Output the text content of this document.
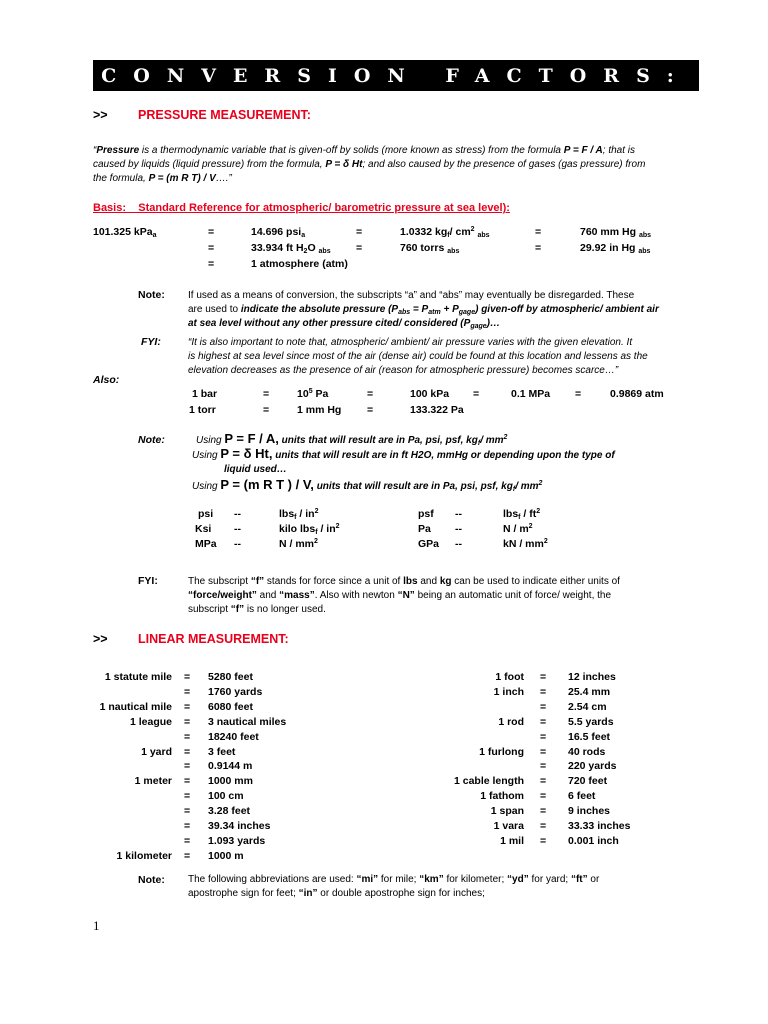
CONVERSION FACTORS:
>> PRESSURE MEASUREMENT:
“Pressure is a thermodynamic variable that is given-off by solids (more known as stress) from the formula P = F / A; that is
caused by liquids (liquid pressure) from the formula, P = δ Ht; and also caused by the presence of gases (gas pressure) from
the formula, P = (m R T) / V….”
Basis:    Standard Reference for atmospheric/ barometric pressure at sea level):
101.325 kPa$_a$	=	14.696 psi$_a$	=	1.0332 $kg_f/$ $cm^2$ $_{abs}$	=	760 mm Hg $_{abs}$
=	33.934 ft $H_2O$ $_{abs}$ =	760 torrs $_{abs}$	=	29.92 in Hg $_{abs}$
=	1 atmosphere (atm)
Note: If used as a means of conversion, the subscripts “a” and “abs” may eventually be disregarded. These
are used to indicate the absolute pressure $(P_{abs} = P_{atm} + P_{gage})$ given-off by atmospheric/ ambient air
at sea level without any other pressure cited/ considered $(P_{gage})\dots$
FYI:	“It is also important to note that, atmospheric/ ambient/ air pressure varies with the given elevation. It
is highest at sea level since most of the air (dense air) could be found at this location and lessens as the
elevation decreases as the presence of air (reason for atmospheric pressure) becomes scarce…”
Also:
1 bar	=	$10^5$ Pa	=	100 kPa =	0.1 MPa =	0.9869 atm
1 torr	=	1 mm Hg =	133.322 Pa
Note:	Using P = F / A, units that will result are in Pa, psi, psf, $kg_f/$ $mm^2$
Using P = δ Ht, units that will result are in ft H2O, mmHg or depending upon the type of
liquid used…
Using P = (m R T ) / V, units that will result are in Pa, psi, psf, $kg_f/$ $mm^2$
psi --	$lbs_f / in^2$	psf --	$lbs_f / ft^2$
Ksi --	kilo $lbs_f / in^2$	Pa --	N / $m^2$
MPa --	N / $mm^2$	GPa --	kN / $mm^2$
FYI:	The subscript “f” stands for force since a unit of lbs and kg can be used to indicate either units of
“force/weight” and “mass”. Also with newton “N” being an automatic unit of force/ weight, the
subscript “f” is no longer used.
>> LINEAR MEASUREMENT:
1 statute mile = 5280 feet
= 1760 yards
1 nautical mile = 6080 feet
1 league = 3 nautical miles
= 18240 feet
1 yard = 3 feet
= 0.9144 m
1 meter = 1000 mm
= 100 cm
= 3.28 feet
= 39.34 inches
= 1.093 yards
1 kilometer = 1000 m
1 foot = 12 inches
1 inch = 25.4 mm
= 2.54 cm
1 rod = 5.5 yards
= 16.5 feet
1 furlong = 40 rods
= 220 yards
1 cable length = 720 feet
1 fathom = 6 feet
1 span = 9 inches
1 vara = 33.33 inches
1 mil = 0.001 inch
Note: The following abbreviations are used: “mi” for mile; “km” for kilometer; “yd” for yard; “ft” or
apostrophe sign for feet; “in” or double apostrophe sign for inches;
1
